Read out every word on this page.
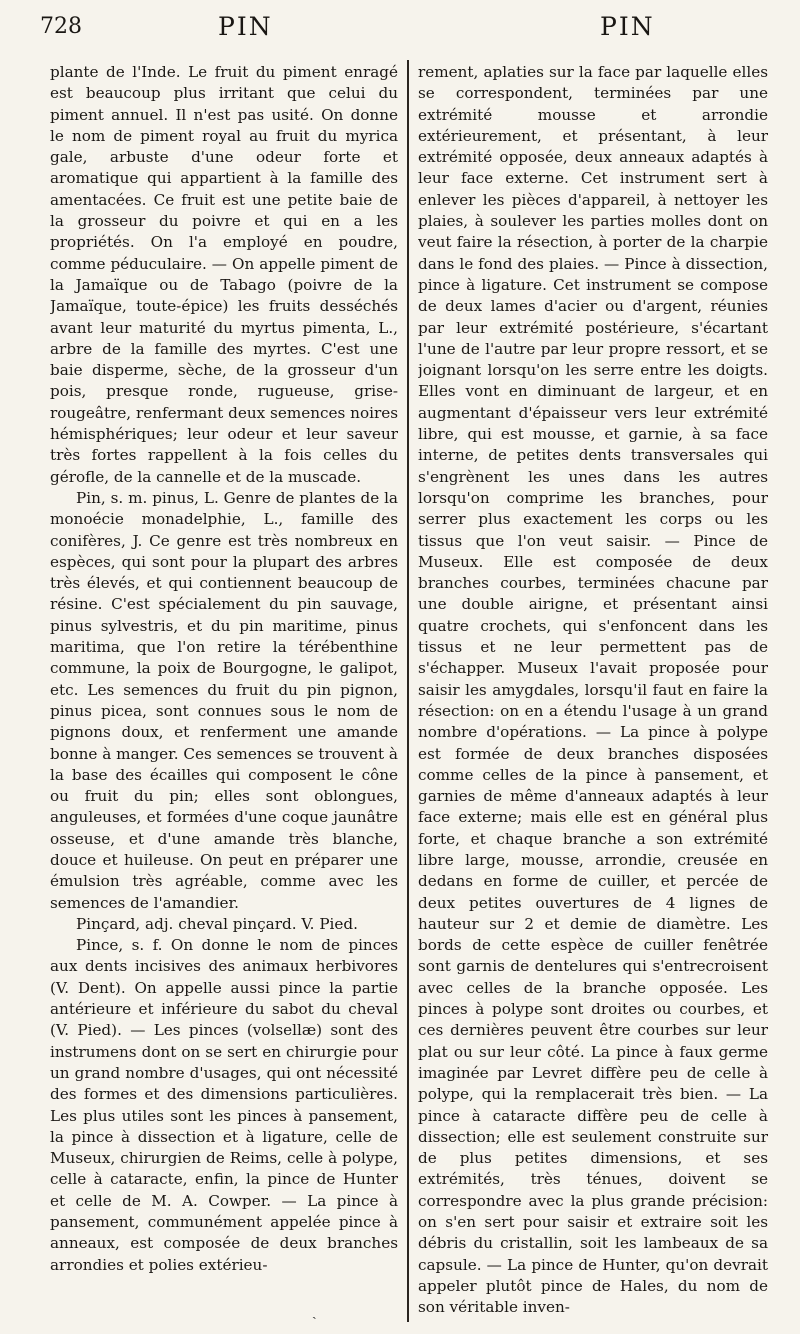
728	PIN	PIN

plante de l'Inde. Le fruit du piment enragé est beaucoup plus irritant que celui du piment annuel. Il n'est pas usité. On donne le nom de piment royal au fruit du myrica gale, arbuste d'une odeur forte et aromatique qui appartient à la famille des amentacées. Ce fruit est une petite baie de la grosseur du poivre et qui en a les propriétés. On l'a employé en poudre, comme péduculaire. — On appelle piment de la Jamaïque ou de Tabago (poivre de la Jamaïque, toute-épice) les fruits desséchés avant leur maturité du myrtus pimenta, L., arbre de la famille des myrtes. C'est une baie disperme, sèche, de la grosseur d'un pois, presque ronde, rugueuse, grise-rougeâtre, renfermant deux semences noires hémisphériques; leur odeur et leur saveur très fortes rappellent à la fois celles du gérofle, de la cannelle et de la muscade.

Pin, s. m. pinus, L. Genre de plantes de la monoécie monadelphie, L., famille des conifères, J. Ce genre est très nombreux en espèces, qui sont pour la plupart des arbres très élevés, et qui contiennent beaucoup de résine. C'est spécialement du pin sauvage, pinus sylvestris, et du pin maritime, pinus maritima, que l'on retire la térébenthine commune, la poix de Bourgogne, le galipot, etc. Les semences du fruit du pin pignon, pinus picea, sont connues sous le nom de pignons doux, et renferment une amande bonne à manger. Ces semences se trouvent à la base des écailles qui composent le cône ou fruit du pin; elles sont oblongues, anguleuses, et formées d'une coque jaunâtre osseuse, et d'une amande très blanche, douce et huileuse. On peut en préparer une émulsion très agréable, comme avec les semences de l'amandier.

Pinçard, adj. cheval pinçard. V. Pied.

Pince, s. f. On donne le nom de pinces aux dents incisives des animaux herbivores (V. Dent). On appelle aussi pince la partie antérieure et inférieure du sabot du cheval (V. Pied). — Les pinces (volsellæ) sont des instrumens dont on se sert en chirurgie pour un grand nombre d'usages, qui ont nécessité des formes et des dimensions particulières. Les plus utiles sont les pinces à pansement, la pince à dissection et à ligature, celle de Museux, chirurgien de Reims, celle à polype, celle à cataracte, enfin, la pince de Hunter et celle de M. A. Cowper. — La pince à pansement, communément appelée pince à anneaux, est composée de deux branches arrondies et polies extérieu-

rement, aplaties sur la face par laquelle elles se correspondent, terminées par une extrémité mousse et arrondie extérieurement, et présentant, à leur extrémité opposée, deux anneaux adaptés à leur face externe. Cet instrument sert à enlever les pièces d'appareil, à nettoyer les plaies, à soulever les parties molles dont on veut faire la résection, à porter de la charpie dans le fond des plaies. — Pince à dissection, pince à ligature. Cet instrument se compose de deux lames d'acier ou d'argent, réunies par leur extrémité postérieure, s'écartant l'une de l'autre par leur propre ressort, et se joignant lorsqu'on les serre entre les doigts. Elles vont en diminuant de largeur, et en augmentant d'épaisseur vers leur extrémité libre, qui est mousse, et garnie, à sa face interne, de petites dents transversales qui s'engrènent les unes dans les autres lorsqu'on comprime les branches, pour serrer plus exactement les corps ou les tissus que l'on veut saisir. — Pince de Museux. Elle est composée de deux branches courbes, terminées chacune par une double airigne, et présentant ainsi quatre crochets, qui s'enfoncent dans les tissus et ne leur permettent pas de s'échapper. Museux l'avait proposée pour saisir les amygdales, lorsqu'il faut en faire la résection: on en a étendu l'usage à un grand nombre d'opérations. — La pince à polype est formée de deux branches disposées comme celles de la pince à pansement, et garnies de même d'anneaux adaptés à leur face externe; mais elle est en général plus forte, et chaque branche a son extrémité libre large, mousse, arrondie, creusée en dedans en forme de cuiller, et percée de deux petites ouvertures de 4 lignes de hauteur sur 2 et demie de diamètre. Les bords de cette espèce de cuiller fenêtrée sont garnis de dentelures qui s'entrecroisent avec celles de la branche opposée. Les pinces à polype sont droites ou courbes, et ces dernières peuvent être courbes sur leur plat ou sur leur côté. La pince à faux germe imaginée par Levret diffère peu de celle à polype, qui la remplacerait très bien. — La pince à cataracte diffère peu de celle à dissection; elle est seulement construite sur de plus petites dimensions, et ses extrémités, très ténues, doivent se correspondre avec la plus grande précision: on s'en sert pour saisir et extraire soit les débris du cristallin, soit les lambeaux de sa capsule. — La pince de Hunter, qu'on devrait appeler plutôt pince de Hales, du nom de son véritable inven-

ˎ
